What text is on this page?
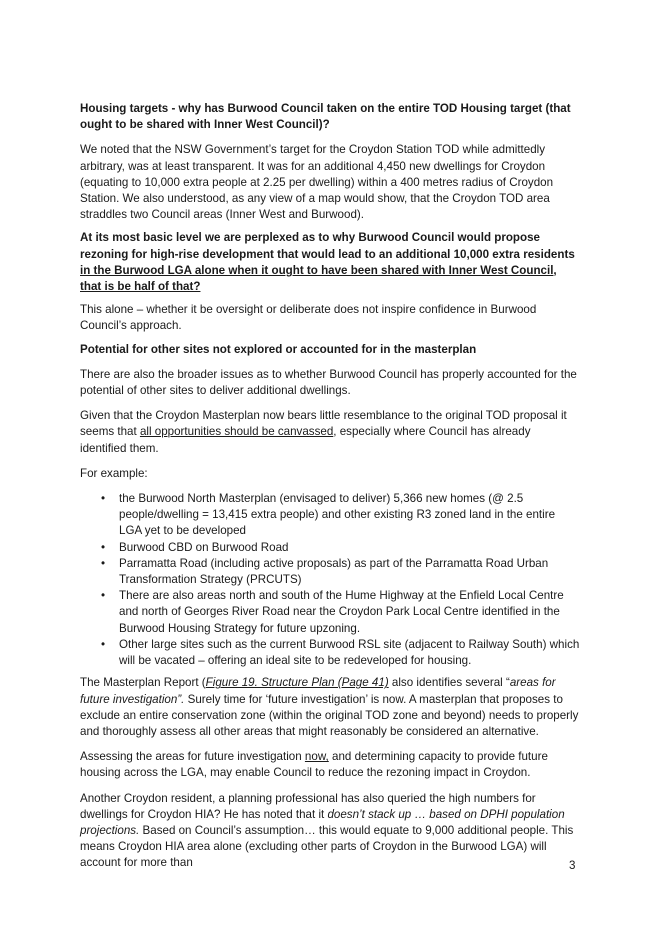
Housing targets - why has Burwood Council taken on the entire TOD Housing target (that ought to be shared with Inner West Council)?

We noted that the NSW Government’s target for the Croydon Station TOD while admittedly arbitrary, was at least transparent. It was for an additional 4,450 new dwellings for Croydon (equating to 10,000 extra people at 2.25 per dwelling) within a 400 metres radius of Croydon Station. We also understood, as any view of a map would show, that the Croydon TOD area straddles two Council areas (Inner West and Burwood).

At its most basic level we are perplexed as to why Burwood Council would propose rezoning for high-rise development that would lead to an additional 10,000 extra residents in the Burwood LGA alone when it ought to have been shared with Inner West Council, that is be half of that?

This alone – whether it be oversight or deliberate does not inspire confidence in Burwood Council’s approach.

Potential for other sites not explored or accounted for in the masterplan

There are also the broader issues as to whether Burwood Council has properly accounted for the potential of other sites to deliver additional dwellings.

Given that the Croydon Masterplan now bears little resemblance to the original TOD proposal it seems that all opportunities should be canvassed, especially where Council has already identified them.

For example:

• the Burwood North Masterplan (envisaged to deliver) 5,366 new homes (@ 2.5 people/dwelling = 13,415 extra people) and other existing R3 zoned land in the entire LGA yet to be developed
• Burwood CBD on Burwood Road
• Parramatta Road (including active proposals) as part of the Parramatta Road Urban Transformation Strategy (PRCUTS)
• There are also areas north and south of the Hume Highway at the Enfield Local Centre and north of Georges River Road near the Croydon Park Local Centre identified in the Burwood Housing Strategy for future upzoning.
• Other large sites such as the current Burwood RSL site (adjacent to Railway South) which will be vacated – offering an ideal site to be redeveloped for housing.

The Masterplan Report (Figure 19. Structure Plan (Page 41) also identifies several “areas for future investigation”. Surely time for ‘future investigation’ is now. A masterplan that proposes to exclude an entire conservation zone (within the original TOD zone and beyond) needs to properly and thoroughly assess all other areas that might reasonably be considered an alternative.

Assessing the areas for future investigation now, and determining capacity to provide future housing across the LGA, may enable Council to reduce the rezoning impact in Croydon.

Another Croydon resident, a planning professional has also queried the high numbers for dwellings for Croydon HIA? He has noted that it doesn’t stack up … based on DPHI population projections. Based on Council’s assumption… this would equate to 9,000 additional people. This means Croydon HIA area alone (excluding other parts of Croydon in the Burwood LGA) will account for more than	3
